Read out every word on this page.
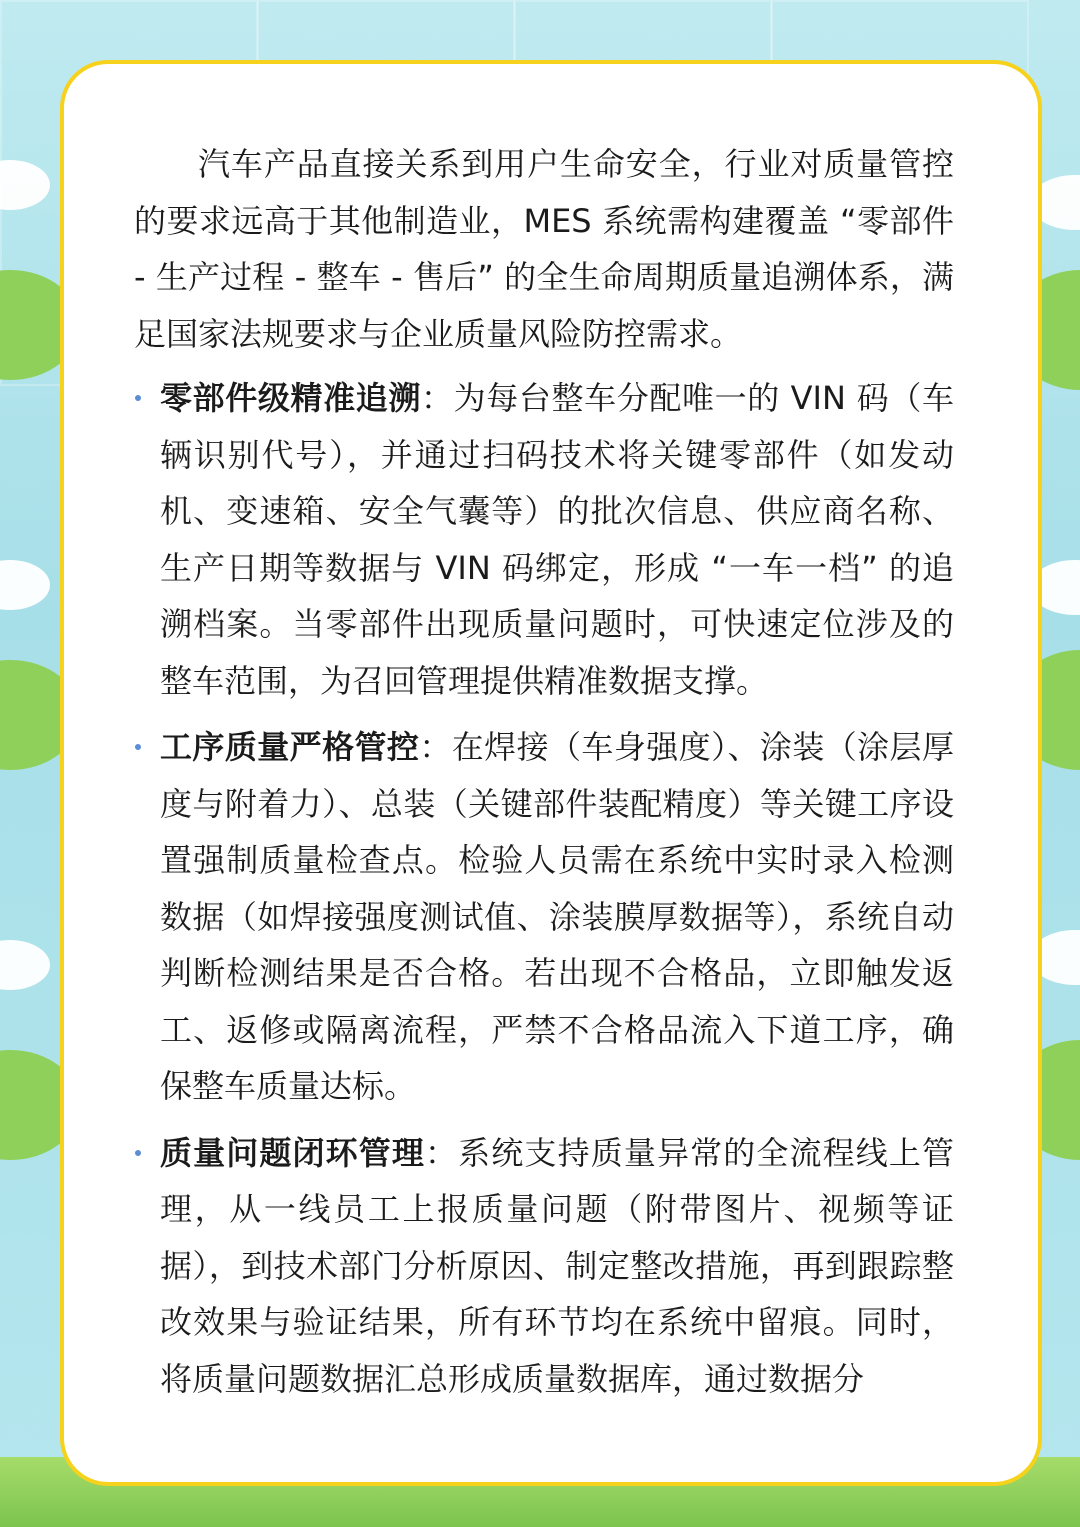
汽车产品直接关系到用户生命安全，行业对质量管控的要求远高于其他制造业，MES 系统需构建覆盖 “零部件 - 生产过程 - 整车 - 售后” 的全生命周期质量追溯体系，满足国家法规要求与企业质量风险防控需求。

零部件级精准追溯：为每台整车分配唯一的 VIN 码（车辆识别代号），并通过扫码技术将关键零部件（如发动机、变速箱、安全气囊等）的批次信息、供应商名称、生产日期等数据与 VIN 码绑定，形成 “一车一档” 的追溯档案。当零部件出现质量问题时，可快速定位涉及的整车范围，为召回管理提供精准数据支撑。
工序质量严格管控：在焊接（车身强度）、涂装（涂层厚度与附着力）、总装（关键部件装配精度）等关键工序设置强制质量检查点。检验人员需在系统中实时录入检测数据（如焊接强度测试值、涂装膜厚数据等），系统自动判断检测结果是否合格。若出现不合格品，立即触发返工、返修或隔离流程，严禁不合格品流入下道工序，确保整车质量达标。
质量问题闭环管理：系统支持质量异常的全流程线上管理，从一线员工上报质量问题（附带图片、视频等证据），到技术部门分析原因、制定整改措施，再到跟踪整改效果与验证结果，所有环节均在系统中留痕。同时，将质量问题数据汇总形成质量数据库，通过数据分
